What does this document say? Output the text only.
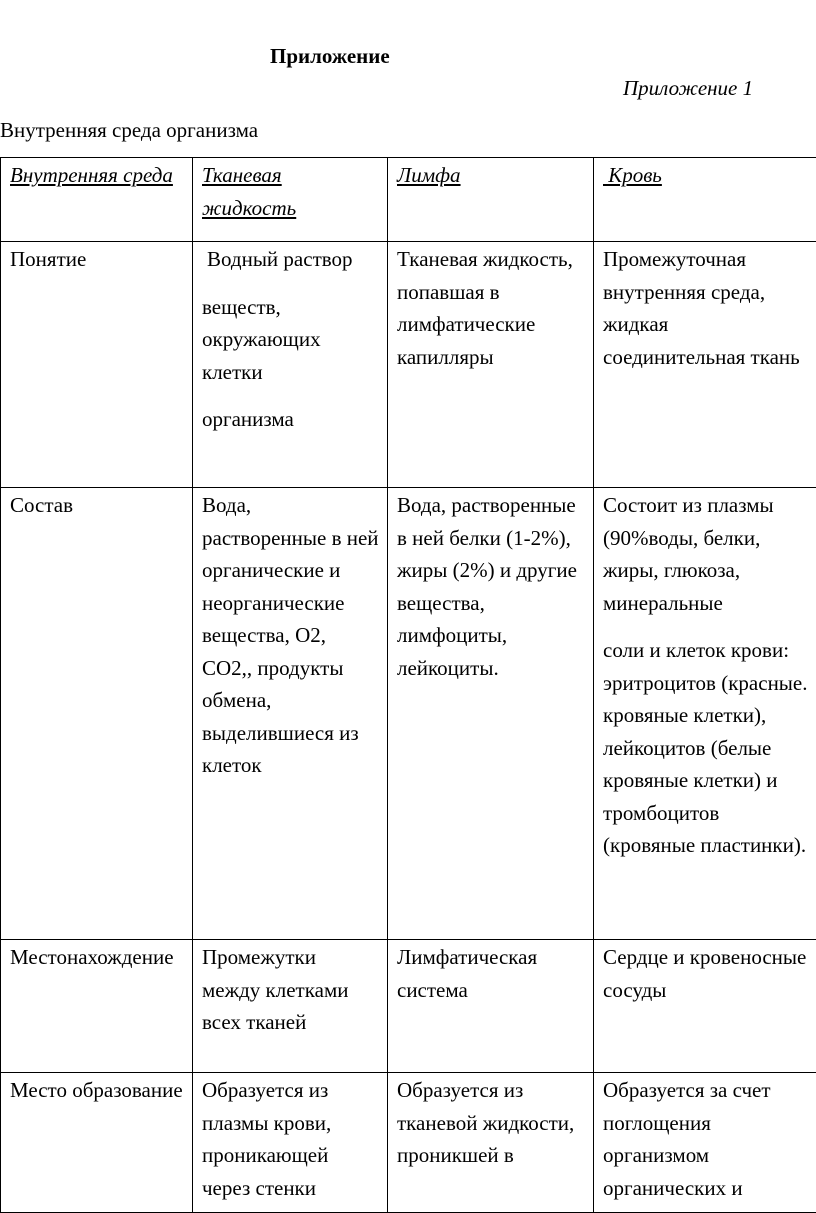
Приложение
Приложение 1
Внутренняя среда организма
Внутренняя среда	Тканевая жидкость	Лимфа	Кровь
Понятие	Водный раствор
веществ, окружающих клетки
организма	Тканевая жидкость, попавшая в лимфатические капилляры	Промежуточная внутренняя среда, жидкая соединительная ткань
Состав	Вода, растворенные в ней органические и неорганические вещества, О2, СО2,, продукты обмена, выделившиеся из клеток	Вода, растворенные в ней белки (1-2%), жиры (2%) и другие вещества, лимфоциты, лейкоциты.	Состоит из плазмы (90%воды, белки, жиры, глюкоза, минеральные
соли и клеток крови: эритроцитов (красные. кровяные клетки), лейкоцитов (белые кровяные клетки) и тромбоцитов (кровяные пластинки).

Местонахождение	Промежутки между клетками всех тканей	Лимфатическая система	Сердце и кровеносные сосуды
Место образование	Образуется из плазмы крови, проникающей через стенки	Образуется из тканевой жидкости, проникшей в	Образуется за счет поглощения организмом органических и
